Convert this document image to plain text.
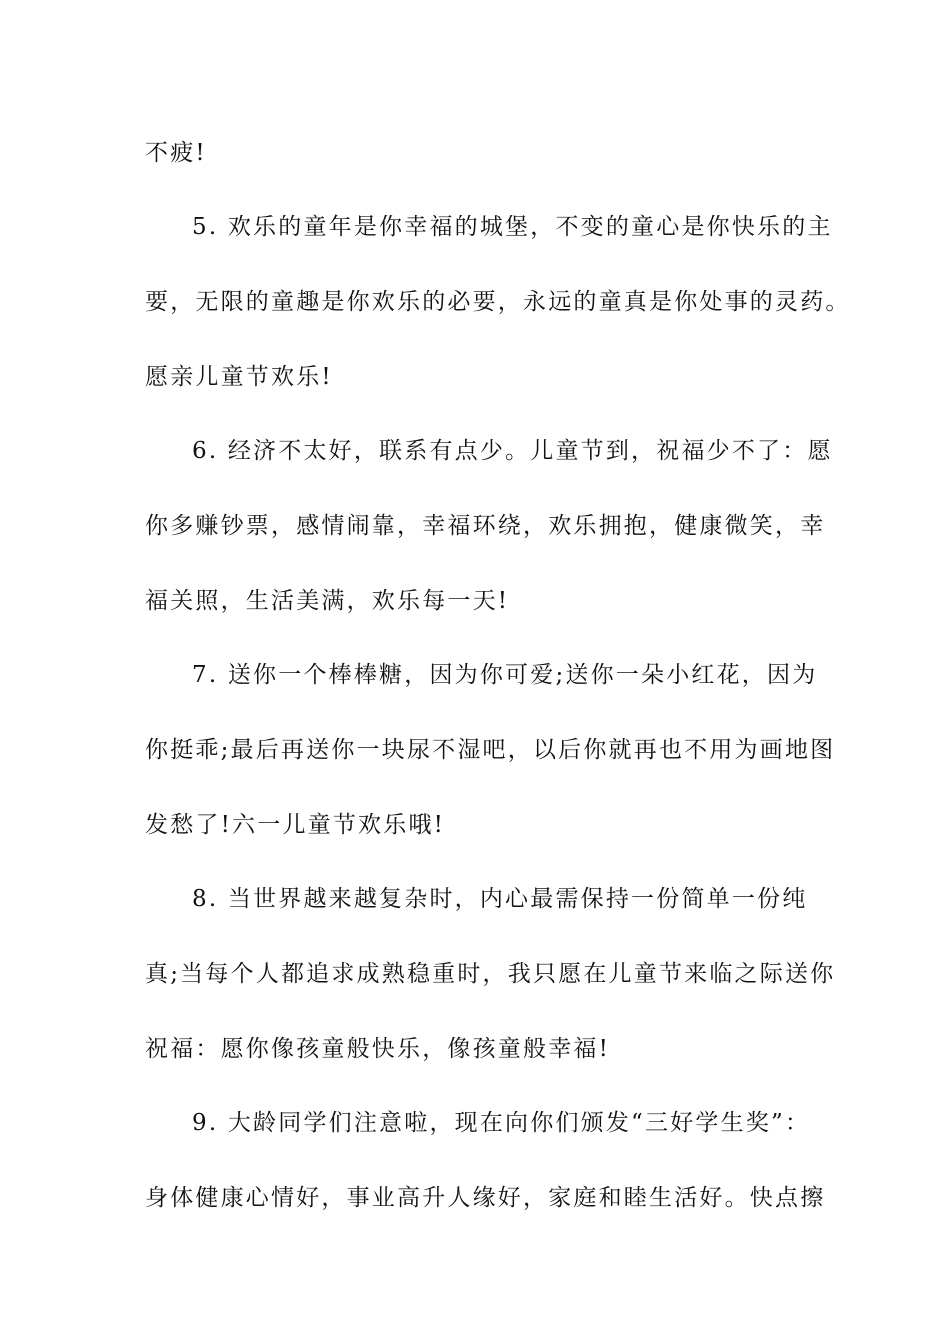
不疲!
5. 欢乐的童年是你幸福的城堡，不变的童心是你快乐的主
要，无限的童趣是你欢乐的必要，永远的童真是你处事的灵药。
愿亲儿童节欢乐!
6. 经济不太好，联系有点少。儿童节到，祝福少不了：愿
你多赚钞票，感情闹靠，幸福环绕，欢乐拥抱，健康微笑，幸
福关照，生活美满，欢乐每一天!
7. 送你一个棒棒糖，因为你可爱;送你一朵小红花，因为
你挺乖;最后再送你一块尿不湿吧，以后你就再也不用为画地图
发愁了!六一儿童节欢乐哦!
8. 当世界越来越复杂时，内心最需保持一份简单一份纯
真;当每个人都追求成熟稳重时，我只愿在儿童节来临之际送你
祝福：愿你像孩童般快乐，像孩童般幸福!
9. 大龄同学们注意啦，现在向你们颁发“三好学生奖”：
身体健康心情好，事业高升人缘好，家庭和睦生活好。快点擦
